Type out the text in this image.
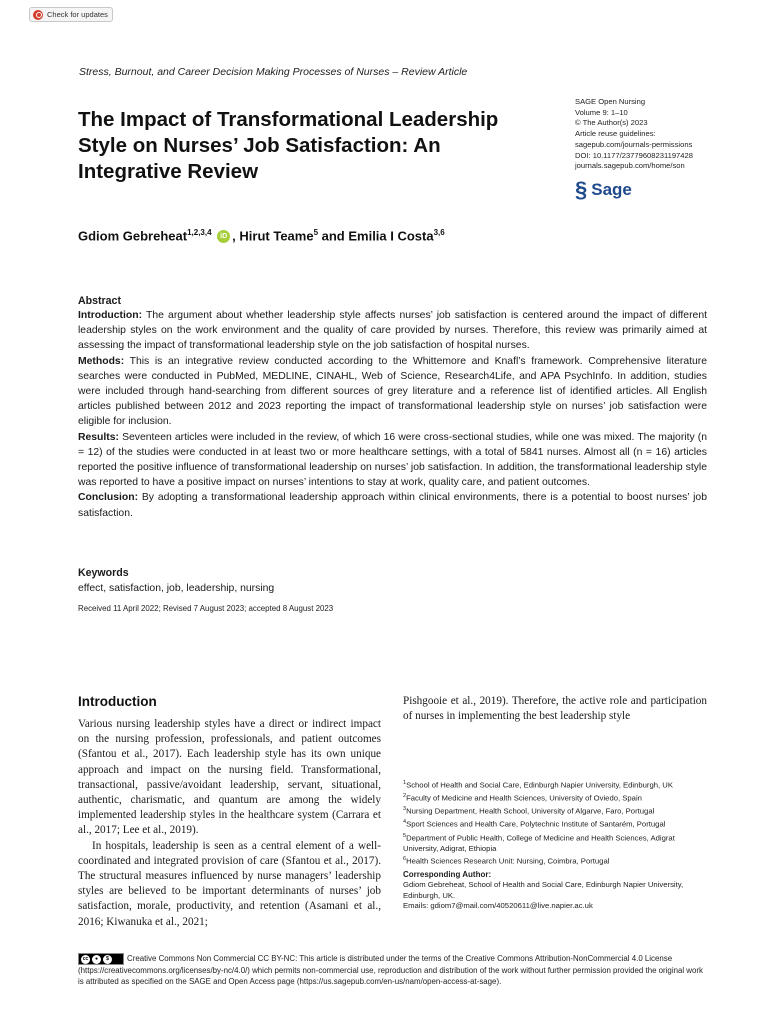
Check for updates
Stress, Burnout, and Career Decision Making Processes of Nurses – Review Article
The Impact of Transformational Leadership
Style on Nurses’ Job Satisfaction: An
Integrative Review
SAGE Open Nursing
Volume 9: 1–10
© The Author(s) 2023
Article reuse guidelines:
sagepub.com/journals-permissions
DOI: 10.1177/23779608231197428
journals.sagepub.com/home/son
§ Sage
Gdiom Gebreheat$^{1,2,3,4}$ iD , Hirut Teame$^5$ and Emilia I Costa$^{3,6}$
Abstract

Introduction: The argument about whether leadership style affects nurses’ job satisfaction is centered around the impact of different leadership styles on the work environment and the quality of care provided by nurses. Therefore, this review was primarily aimed at assessing the impact of transformational leadership style on the job satisfaction of hospital nurses.

Methods: This is an integrative review conducted according to the Whittemore and Knafl’s framework. Comprehensive literature searches were conducted in PubMed, MEDLINE, CINAHL, Web of Science, Research4Life, and APA PsychInfo. In addition, studies were included through hand-searching from different sources of grey literature and a reference list of identified articles. All English articles published between 2012 and 2023 reporting the impact of transformational leadership style on nurses’ job satisfaction were eligible for inclusion.

Results: Seventeen articles were included in the review, of which 16 were cross-sectional studies, while one was mixed. The majority (n = 12) of the studies were conducted in at least two or more healthcare settings, with a total of 5841 nurses. Almost all (n = 16) articles reported the positive influence of transformational leadership on nurses’ job satisfaction. In addition, the transformational leadership style was reported to have a positive impact on nurses’ intentions to stay at work, quality care, and patient outcomes.

Conclusion: By adopting a transformational leadership approach within clinical environments, there is a potential to boost nurses’ job satisfaction.

Keywords

effect, satisfaction, job, leadership, nursing

Received 11 April 2022; Revised 7 August 2023; accepted 8 August 2023
Introduction

Various nursing leadership styles have a direct or indirect impact on the nursing profession, professionals, and patient outcomes (Sfantou et al., 2017). Each leadership style has its own unique approach and impact on the nursing field. Transformational, transactional, passive/avoidant leadership, servant, situational, authentic, charismatic, and quantum are among the widely implemented leadership styles in the healthcare system (Carrara et al., 2017; Lee et al., 2019).

In hospitals, leadership is seen as a central element of a well-coordinated and integrated provision of care (Sfantou et al., 2017). The structural measures influenced by nurse managers’ leadership styles are believed to be important determinants of nurses’ job satisfaction, morale, productivity, and retention (Asamani et al., 2016; Kiwanuka et al., 2021;

Pishgooie et al., 2019). Therefore, the active role and participation of nurses in implementing the best leadership style

$^1$School of Health and Social Care, Edinburgh Napier University, Edinburgh, UK
$^2$Faculty of Medicine and Health Sciences, University of Oviedo, Spain
$^3$Nursing Department, Health School, University of Algarve, Faro, Portugal
$^4$Sport Sciences and Health Care, Polytechnic Institute of Santarém, Portugal
$^5$Department of Public Health, College of Medicine and Health Sciences, Adigrat University, Adigrat, Ethiopia
$^6$Health Sciences Research Unit: Nursing, Coimbra, Portugal
Corresponding Author:
Gdiom Gebreheat, School of Health and Social Care, Edinburgh Napier University, Edinburgh, UK.
Emails: gdiom7@mail.com/40520611@live.napier.ac.uk
cc	●	$	Creative Commons Non Commercial CC BY-NC: This article is distributed under the terms of the Creative Commons Attribution-NonCommercial 4.0 License (https://creativecommons.org/licenses/by-nc/4.0/) which permits non-commercial use, reproduction and distribution of the work without further permission provided the original work is attributed as specified on the SAGE and Open Access page (https://us.sagepub.com/en-us/nam/open-access-at-sage).
